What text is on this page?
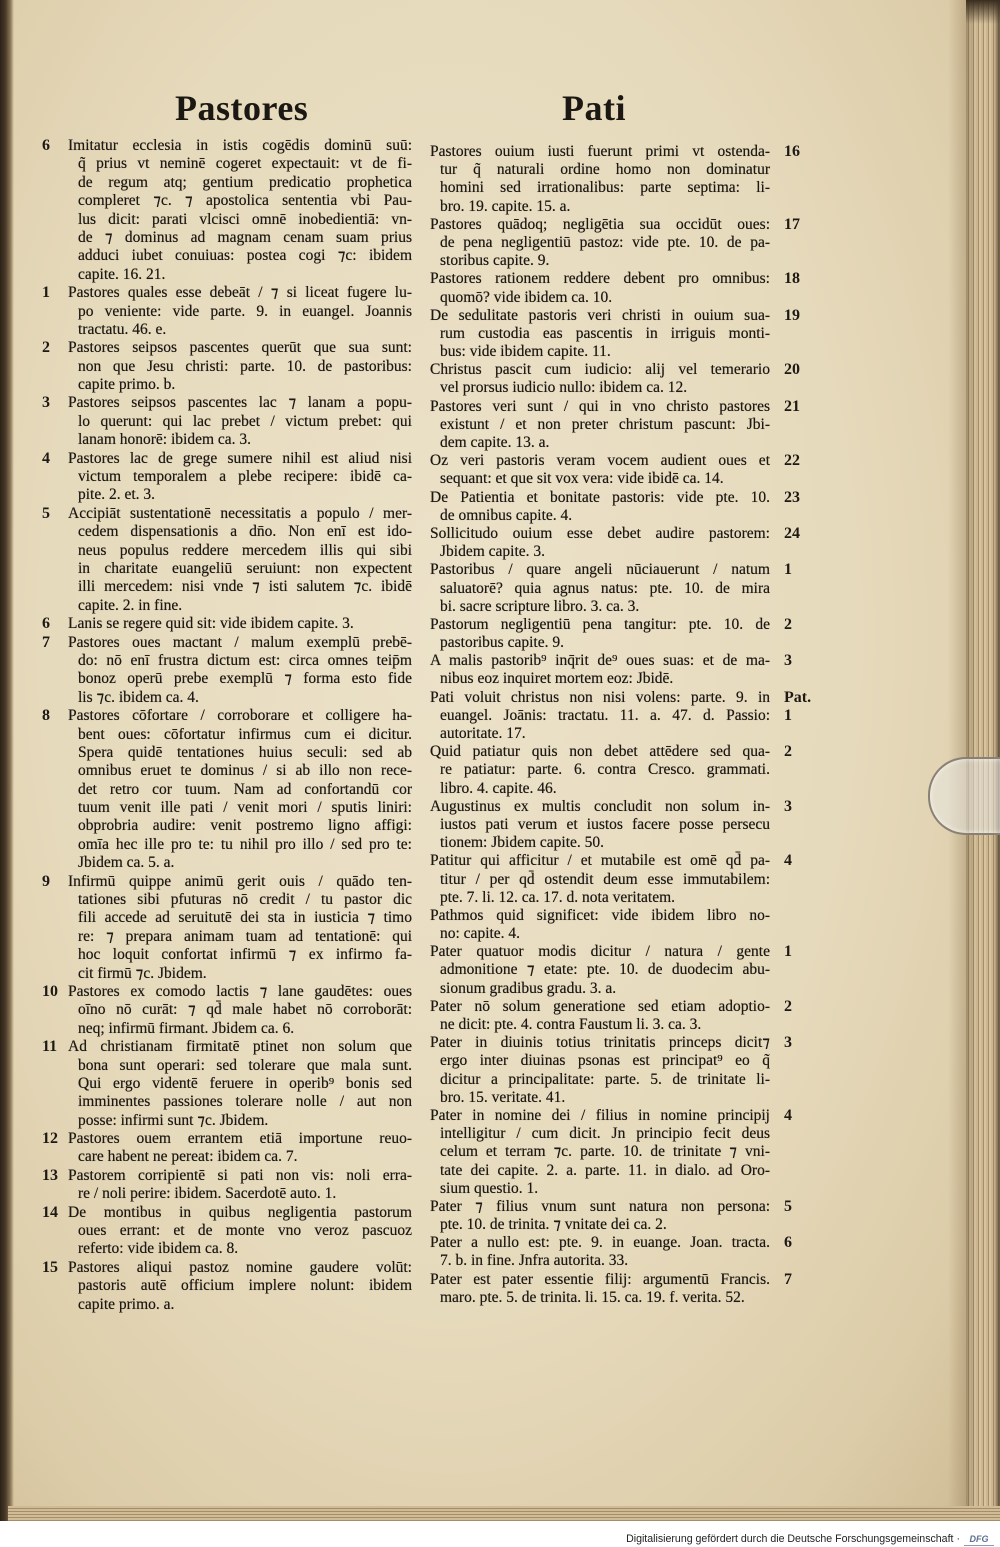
Pastores	Pati
6 Imitatur ecclesia in istis cogēdis dominū suū:
q̃ prius vt neminē cogeret expectauit: vt de fi-
de regum atq; gentium predicatio prophetica
compleret ⁊c. ⁊ apostolica sententia vbi Pau-
lus dicit: parati vlcisci omnē inobedientiā: vn-
de ⁊ dominus ad magnam cenam suam prius
adduci iubet conuiuas: postea cogi ⁊c: ibidem
capite. 16. 21.
1 Pastores quales esse debeāt / ⁊ si liceat fugere lu-
po veniente: vide parte. 9. in euangel. Joannis
tractatu. 46. e.
2 Pastores seipsos pascentes querūt que sua sunt:
non que Jesu christi: parte. 10. de pastoribus:
capite primo. b.
3 Pastores seipsos pascentes lac ⁊ lanam a popu-
lo querunt: qui lac prebet / victum prebet: qui
lanam honorē: ibidem ca. 3.
4 Pastores lac de grege sumere nihil est aliud nisi
victum temporalem a plebe recipere: ibidē ca-
pite. 2. et. 3.
5 Accipiāt sustentationē necessitatis a populo / mer-
cedem dispensationis a dn̄o. Non enī est ido-
neus populus reddere mercedem illis qui sibi
in charitate euangeliū seruiunt: non expectent
illi mercedem: nisi vnde ⁊ isti salutem ⁊c. ibidē
capite. 2. in fine.
6 Lanis se regere quid sit: vide ibidem capite. 3.
7 Pastores oues mactant / malum exemplū prebē-
do: nō enī frustra dictum est: circa omnes teip̄m
bonoz operū prebe exemplū ⁊ forma esto fide
lis ⁊c. ibidem ca. 4.
8 Pastores cōfortare / corroborare et colligere ha-
bent oues: cōfortatur infirmus cum ei dicitur.
Spera quidē tentationes huius seculi: sed ab
omnibus eruet te dominus / si ab illo non rece-
det retro cor tuum. Nam ad confortandū cor
tuum venit ille pati / venit mori / sputis liniri:
obprobria audire: venit postremo ligno affigi:
omīa hec ille pro te: tu nihil pro illo / sed pro te:
Jbidem ca. 5. a.
9 Infirmū quippe animū gerit ouis / quādo ten-
tationes sibi pfuturas nō credit / tu pastor dic
fili accede ad seruitutē dei sta in iusticia ⁊ timo
re: ⁊ prepara animam tuam ad tentationē: qui
hoc loquit confortat infirmū ⁊ ex infirmo fa-
cit firmū ⁊c. Jbidem.
10 Pastores ex comodo lactis ⁊ lane gaudētes: oues
oīno nō curāt: ⁊ qd̄ male habet nō corroborāt:
neq; infirmū firmant. Jbidem ca. 6.
11 Ad christianam firmitatē ptinet non solum que
bona sunt operari: sed tolerare que mala sunt.
Qui ergo videntē feruere in operib⁹ bonis sed
imminentes passiones tolerare nolle / aut non
posse: infirmi sunt ⁊c. Jbidem.
12 Pastores ouem errantem etiā importune reuo-
care habent ne pereat: ibidem ca. 7.
13 Pastorem corripientē si pati non vis: noli erra-
re / noli perire: ibidem. Sacerdotē auto. 1.
14 De montibus in quibus negligentia pastorum
oues errant: et de monte vno veroz pascuoz
referto: vide ibidem ca. 8.
15 Pastores aliqui pastoz nomine gaudere volūt:
pastoris autē officium implere nolunt: ibidem
capite primo. a.
16
Pastores ouium iusti fuerunt primi vt ostenda-
tur q̃ naturali ordine homo non dominatur
homini sed irrationalibus: parte septima: li-
bro. 19. capite. 15. a.
17
Pastores quādoq; negligētia sua occidūt oues:
de pena negligentiū pastoz: vide pte. 10. de pa-
storibus capite. 9.
18
Pastores rationem reddere debent pro omnibus:
quomō? vide ibidem ca. 10.
19
De sedulitate pastoris veri christi in ouium sua-
rum custodia eas pascentis in irriguis monti-
bus: vide ibidem capite. 11.
20
Christus pascit cum iudicio: alij vel temerario
vel prorsus iudicio nullo: ibidem ca. 12.
21
Pastores veri sunt / qui in vno christo pastores
existunt / et non preter christum pascunt: Jbi-
dem capite. 13. a.
22
Oz veri pastoris veram vocem audient oues et
sequant: et que sit vox vera: vide ibidē ca. 14.
23
De Patientia et bonitate pastoris: vide pte. 10.
de omnibus capite. 4.
24
Sollicitudo ouium esse debet audire pastorem:
Jbidem capite. 3.
1
Pastoribus / quare angeli nūciauerunt / natum
saluatorē? quia agnus natus: pte. 10. de mira
bi. sacre scripture libro. 3. ca. 3.
2
Pastorum negligentiū pena tangitur: pte. 10. de
pastoribus capite. 9.
3
A malis pastorib⁹ inq̄rit de⁹ oues suas: et de ma-
nibus eoz inquiret mortem eoz: Jbidē.
Pat.
1
Pati voluit christus non nisi volens: parte. 9. in
euangel. Joānis: tractatu. 11. a. 47. d. Passio:
autoritate. 17.
2
Quid patiatur quis non debet attēdere sed qua-
re patiatur: parte. 6. contra Cresco. grammati.
libro. 4. capite. 46.
3
Augustinus ex multis concludit non solum in-
iustos pati verum et iustos facere posse persecu
tionem: Jbidem capite. 50.
4
Patitur qui afficitur / et mutabile est omē qd̄ pa-
titur / per qd̄ ostendit deum esse immutabilem:
pte. 7. li. 12. ca. 17. d. nota veritatem.
Pathmos quid significet: vide ibidem libro no-
no: capite. 4.
1
Pater quatuor modis dicitur / natura / gente
admonitione ⁊ etate: pte. 10. de duodecim abu-
sionum gradibus gradu. 3. a.
2
Pater nō solum generatione sed etiam adoptio-
ne dicit: pte. 4. contra Faustum li. 3. ca. 3.
3
Pater in diuinis totius trinitatis princeps dicit⁊
ergo inter diuinas psonas est principat⁹ eo q̃
dicitur a principalitate: parte. 5. de trinitate li-
bro. 15. veritate. 41.
4
Pater in nomine dei / filius in nomine principij
intelligitur / cum dicit. Jn principio fecit deus
celum et terram ⁊c. parte. 10. de trinitate ⁊ vni-
tate dei capite. 2. a. parte. 11. in dialo. ad Oro-
sium questio. 1.
5
Pater ⁊ filius vnum sunt natura non persona:
pte. 10. de trinita. ⁊ vnitate dei ca. 2.
6
Pater a nullo est: pte. 9. in euange. Joan. tracta.
7. b. in fine. Jnfra autorita. 33.
7
Pater est pater essentie filij: argumentū Francis.
maro. pte. 5. de trinita. li. 15. ca. 19. f. verita. 52.
Digitalisierung gefördert durch die Deutsche Forschungsgemeinschaft ·	DFG
